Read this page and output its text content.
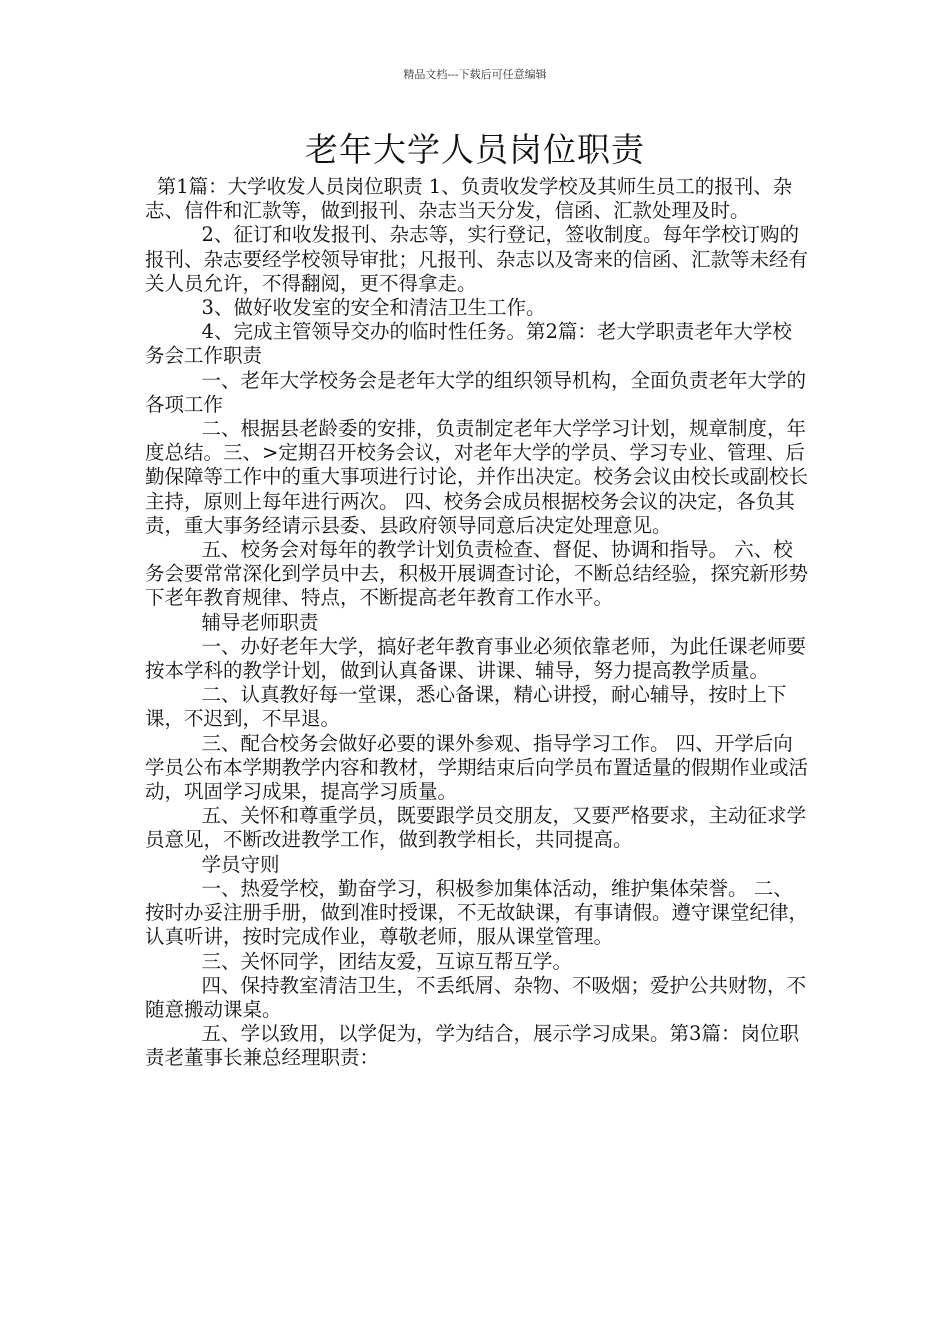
精品文档---下载后可任意编辑
老年大学人员岗位职责

第1篇：大学收发人员岗位职责 1、负责收发学校及其师生员工的报刊、杂志、信件和汇款等，做到报刊、杂志当天分发，信函、汇款处理及时。

2、征订和收发报刊、杂志等，实行登记，签收制度。每年学校订购的报刊、杂志要经学校领导审批；凡报刊、杂志以及寄来的信函、汇款等未经有关人员允许，不得翻阅，更不得拿走。

3、做好收发室的安全和清洁卫生工作。

4、完成主管领导交办的临时性任务。第2篇：老大学职责老年大学校务会工作职责

一、老年大学校务会是老年大学的组织领导机构，全面负责老年大学的各项工作

二、根据县老龄委的安排，负责制定老年大学学习计划，规章制度，年度总结。三、>定期召开校务会议，对老年大学的学员、学习专业、管理、后勤保障等工作中的重大事项进行讨论，并作出决定。校务会议由校长或副校长主持，原则上每年进行两次。 四、校务会成员根据校务会议的决定，各负其责，重大事务经请示县委、县政府领导同意后决定处理意见。

五、校务会对每年的教学计划负责检查、督促、协调和指导。 六、校务会要常常深化到学员中去，积极开展调查讨论，不断总结经验，探究新形势下老年教育规律、特点，不断提高老年教育工作水平。

辅导老师职责

一、办好老年大学，搞好老年教育事业必须依靠老师，为此任课老师要按本学科的教学计划，做到认真备课、讲课、辅导，努力提高教学质量。

二、认真教好每一堂课，悉心备课，精心讲授，耐心辅导，按时上下课，不迟到，不早退。

三、配合校务会做好必要的课外参观、指导学习工作。 四、开学后向学员公布本学期教学内容和教材，学期结束后向学员布置适量的假期作业或活动，巩固学习成果，提高学习质量。

五、关怀和尊重学员，既要跟学员交朋友，又要严格要求，主动征求学员意见，不断改进教学工作，做到教学相长，共同提高。

学员守则

一、热爱学校，勤奋学习，积极参加集体活动，维护集体荣誉。 二、按时办妥注册手册，做到准时授课，不无故缺课，有事请假。遵守课堂纪律，认真听讲，按时完成作业，尊敬老师，服从课堂管理。

三、关怀同学，团结友爱，互谅互帮互学。

四、保持教室清洁卫生，不丢纸屑、杂物、不吸烟；爱护公共财物，不随意搬动课桌。

五、学以致用，以学促为，学为结合，展示学习成果。第3篇：岗位职责老董事长兼总经理职责：
